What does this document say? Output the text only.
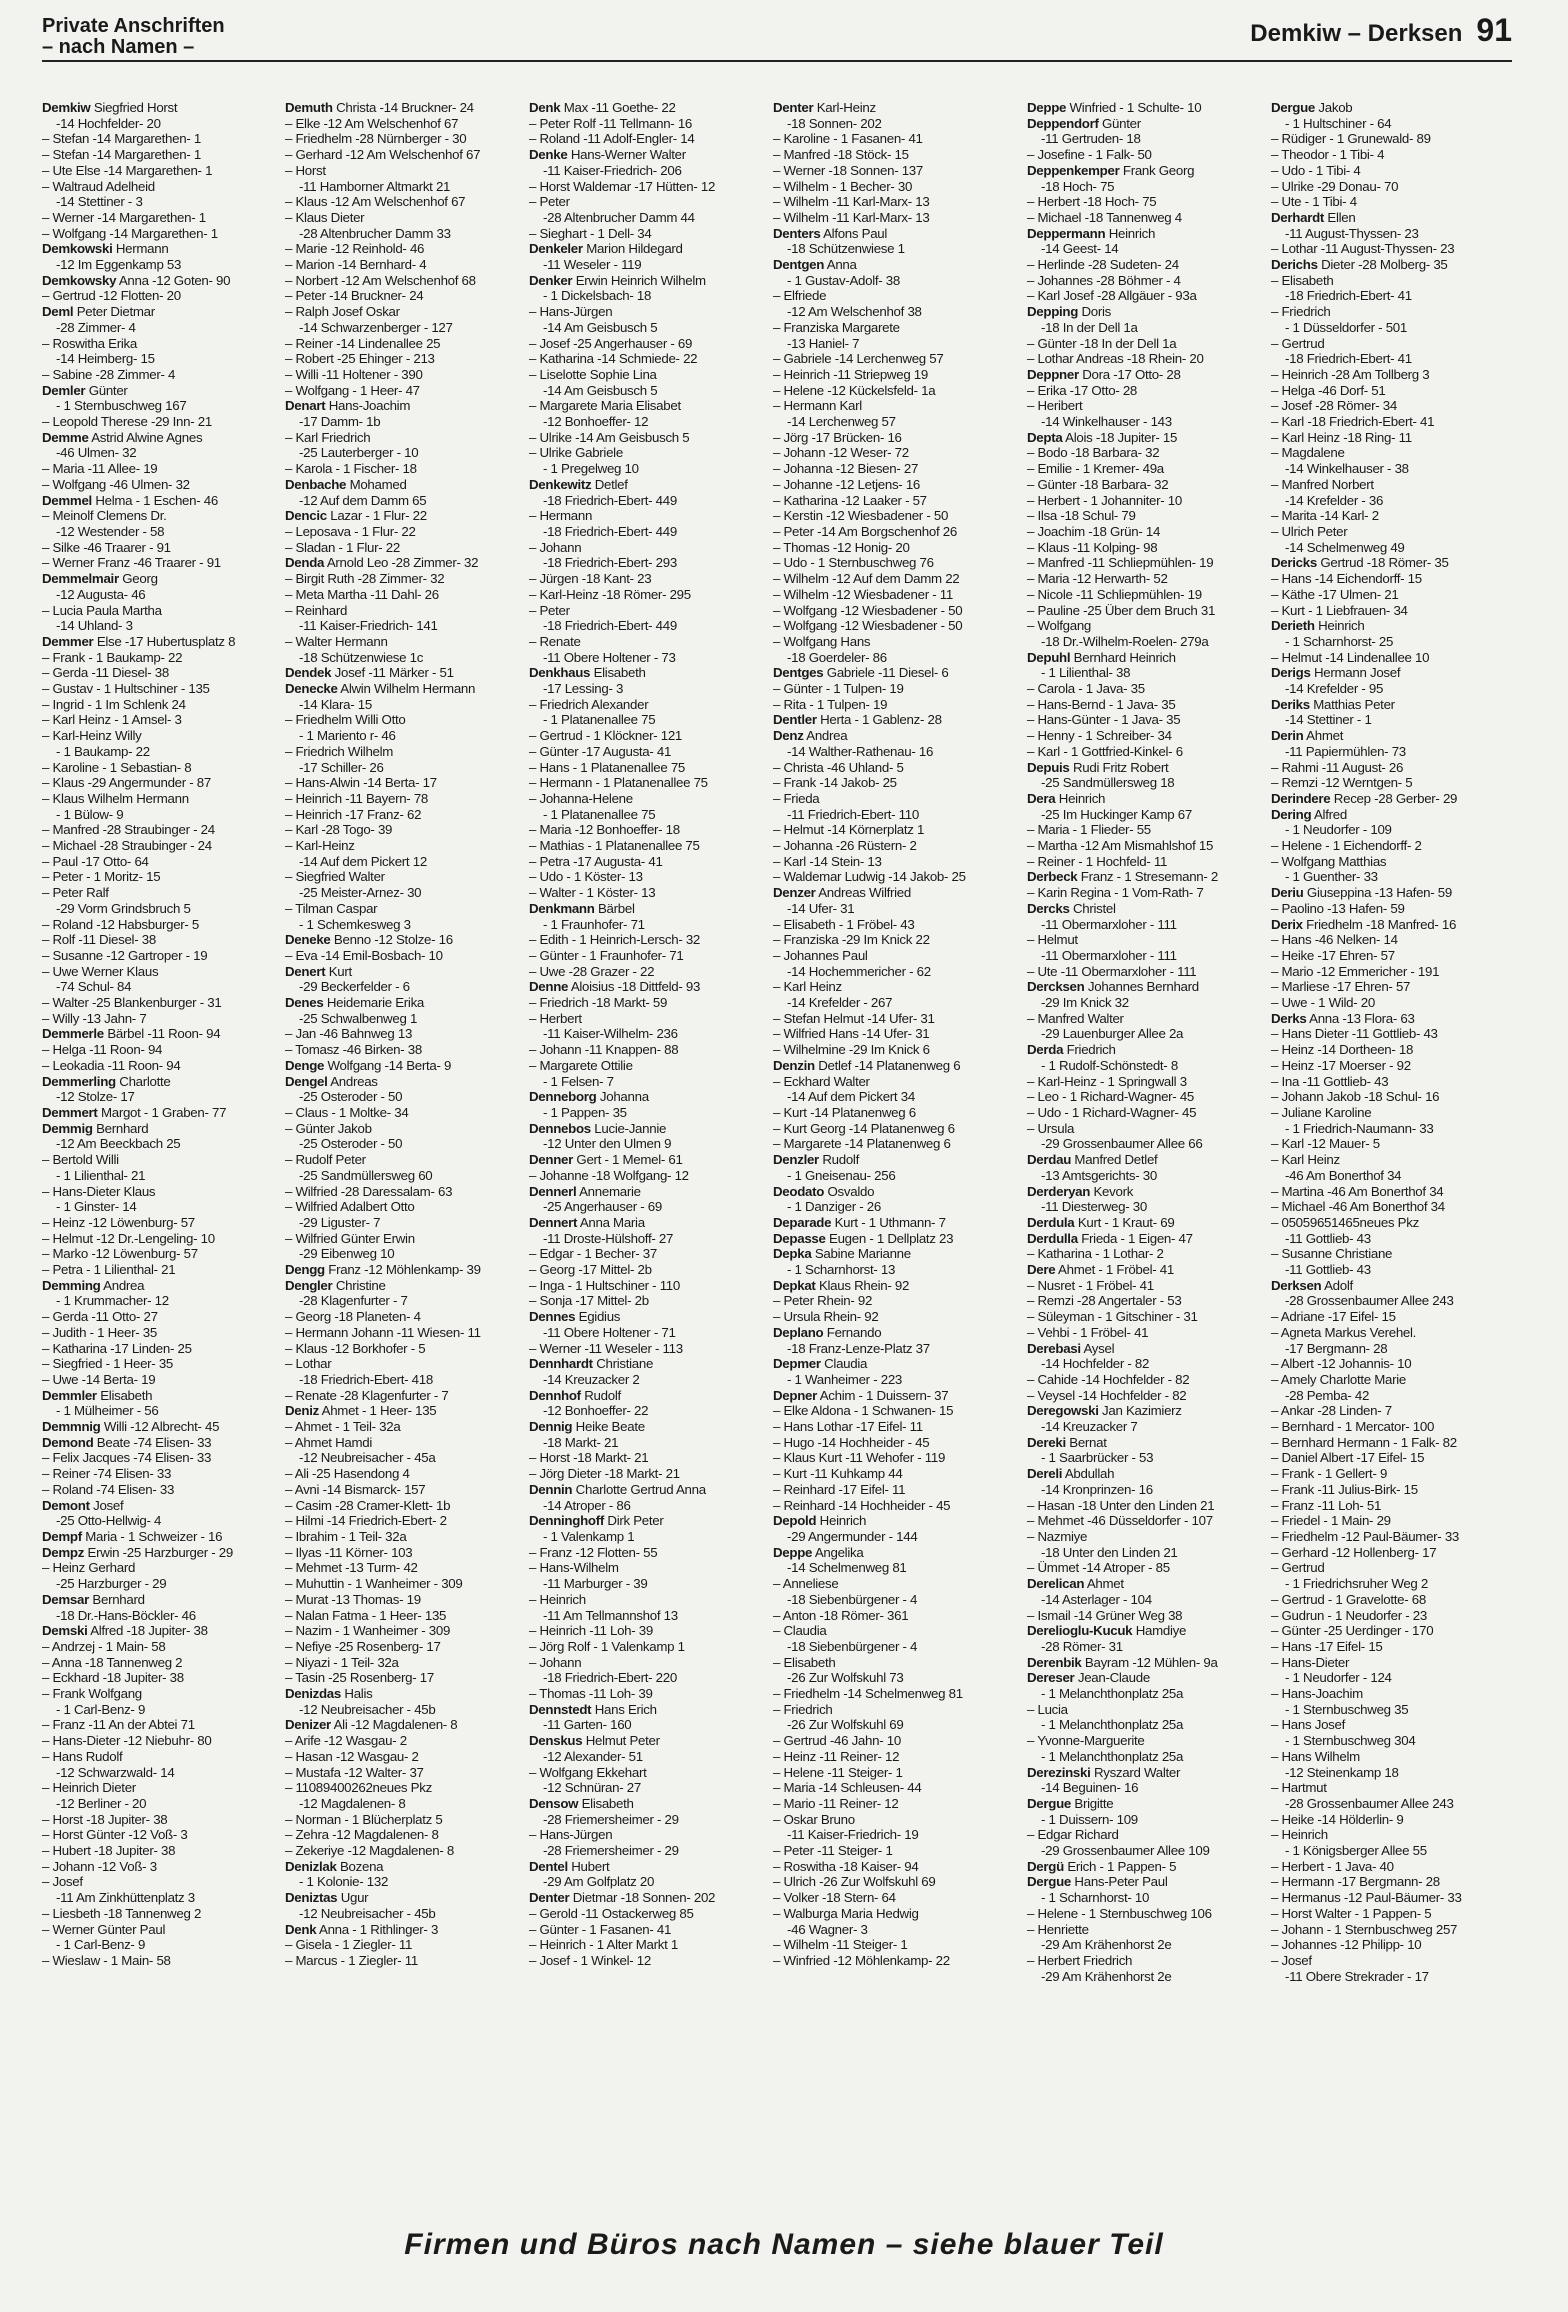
Private Anschriften
– nach Namen –	Demkiw – Derksen 91
Demkiw Siegfried Horst
-14 Hochfelder- 20
– Stefan -14 Margarethen- 1
– Stefan -14 Margarethen- 1
– Ute Else -14 Margarethen- 1
– Waltraud Adelheid
-14 Stettiner - 3
– Werner -14 Margarethen- 1
– Wolfgang -14 Margarethen- 1
Demkowski Hermann
-12 Im Eggenkamp 53
Demkowsky Anna -12 Goten- 90
– Gertrud -12 Flotten- 20
Deml Peter Dietmar
-28 Zimmer- 4
– Roswitha Erika
-14 Heimberg- 15
– Sabine -28 Zimmer- 4
Demler Günter
- 1 Sternbuschweg 167
– Leopold Therese -29 Inn- 21
Demme Astrid Alwine Agnes
-46 Ulmen- 32
– Maria -11 Allee- 19
– Wolfgang -46 Ulmen- 32
Demmel Helma - 1 Eschen- 46
– Meinolf Clemens Dr.
-12 Westender - 58
– Silke -46 Traarer - 91
– Werner Franz -46 Traarer - 91
Demmelmair Georg
-12 Augusta- 46
– Lucia Paula Martha
-14 Uhland- 3
Demmer Else -17 Hubertusplatz 8
– Frank - 1 Baukamp- 22
– Gerda -11 Diesel- 38
– Gustav - 1 Hultschiner - 135
– Ingrid - 1 Im Schlenk 24
– Karl Heinz - 1 Amsel- 3
– Karl-Heinz Willy
- 1 Baukamp- 22
– Karoline - 1 Sebastian- 8
– Klaus -29 Angermunder - 87
– Klaus Wilhelm Hermann
- 1 Bülow- 9
– Manfred -28 Straubinger - 24
– Michael -28 Straubinger - 24
– Paul -17 Otto- 64
– Peter - 1 Moritz- 15
– Peter Ralf
-29 Vorm Grindsbruch 5
– Roland -12 Habsburger- 5
– Rolf -11 Diesel- 38
– Susanne -12 Gartroper - 19
– Uwe Werner Klaus
-74 Schul- 84
– Walter -25 Blankenburger - 31
– Willy -13 Jahn- 7
Demmerle Bärbel -11 Roon- 94
– Helga -11 Roon- 94
– Leokadia -11 Roon- 94
Demmerling Charlotte
-12 Stolze- 17
Demmert Margot - 1 Graben- 77
Demmig Bernhard
-12 Am Beeckbach 25
– Bertold Willi
- 1 Lilienthal- 21
– Hans-Dieter Klaus
- 1 Ginster- 14
– Heinz -12 Löwenburg- 57
– Helmut -12 Dr.-Lengeling- 10
– Marko -12 Löwenburg- 57
– Petra - 1 Lilienthal- 21
Demming Andrea
- 1 Krummacher- 12
– Gerda -11 Otto- 27
– Judith - 1 Heer- 35
– Katharina -17 Linden- 25
– Siegfried - 1 Heer- 35
– Uwe -14 Berta- 19
Demmler Elisabeth
- 1 Mülheimer - 56
Demmnig Willi -12 Albrecht- 45
Demond Beate -74 Elisen- 33
– Felix Jacques -74 Elisen- 33
– Reiner -74 Elisen- 33
– Roland -74 Elisen- 33
Demont Josef
-25 Otto-Hellwig- 4
Dempf Maria - 1 Schweizer - 16
Dempz Erwin -25 Harzburger - 29
– Heinz Gerhard
-25 Harzburger - 29
Demsar Bernhard
-18 Dr.-Hans-Böckler- 46
Demski Alfred -18 Jupiter- 38
– Andrzej - 1 Main- 58
– Anna -18 Tannenweg 2
– Eckhard -18 Jupiter- 38
– Frank Wolfgang
- 1 Carl-Benz- 9
– Franz -11 An der Abtei 71
– Hans-Dieter -12 Niebuhr- 80
– Hans Rudolf
-12 Schwarzwald- 14
– Heinrich Dieter
-12 Berliner - 20
– Horst -18 Jupiter- 38
– Horst Günter -12 Voß- 3
– Hubert -18 Jupiter- 38
– Johann -12 Voß- 3
– Josef
-11 Am Zinkhüttenplatz 3
– Liesbeth -18 Tannenweg 2
– Werner Günter Paul
- 1 Carl-Benz- 9
– Wieslaw - 1 Main- 58
Demuth Christa -14 Bruckner- 24
– Elke -12 Am Welschenhof 67
– Friedhelm -28 Nürnberger - 30
– Gerhard -12 Am Welschenhof 67
– Horst
-11 Hamborner Altmarkt 21
– Klaus -12 Am Welschenhof 67
– Klaus Dieter
-28 Altenbrucher Damm 33
– Marie -12 Reinhold- 46
– Marion -14 Bernhard- 4
– Norbert -12 Am Welschenhof 68
– Peter -14 Bruckner- 24
– Ralph Josef Oskar
-14 Schwarzenberger - 127
– Reiner -14 Lindenallee 25
– Robert -25 Ehinger - 213
– Willi -11 Holtener - 390
– Wolfgang - 1 Heer- 47
Denart Hans-Joachim
-17 Damm- 1b
– Karl Friedrich
-25 Lauterberger - 10
– Karola - 1 Fischer- 18
Denbache Mohamed
-12 Auf dem Damm 65
Dencic Lazar - 1 Flur- 22
– Leposava - 1 Flur- 22
– Sladan - 1 Flur- 22
Denda Arnold Leo -28 Zimmer- 32
– Birgit Ruth -28 Zimmer- 32
– Meta Martha -11 Dahl- 26
– Reinhard
-11 Kaiser-Friedrich- 141
– Walter Hermann
-18 Schützenwiese 1c
Dendek Josef -11 Märker - 51
Denecke Alwin Wilhelm Hermann
-14 Klara- 15
– Friedhelm Willi Otto
- 1 Mariento r- 46
– Friedrich Wilhelm
-17 Schiller- 26
– Hans-Alwin -14 Berta- 17
– Heinrich -11 Bayern- 78
– Heinrich -17 Franz- 62
– Karl -28 Togo- 39
– Karl-Heinz
-14 Auf dem Pickert 12
– Siegfried Walter
-25 Meister-Arnez- 30
– Tilman Caspar
- 1 Schemkesweg 3
Deneke Benno -12 Stolze- 16
– Eva -14 Emil-Bosbach- 10
Denert Kurt
-29 Beckerfelder - 6
Denes Heidemarie Erika
-25 Schwalbenweg 1
– Jan -46 Bahnweg 13
– Tomasz -46 Birken- 38
Denge Wolfgang -14 Berta- 9
Dengel Andreas
-25 Osteroder - 50
– Claus - 1 Moltke- 34
– Günter Jakob
-25 Osteroder - 50
– Rudolf Peter
-25 Sandmüllersweg 60
– Wilfried -28 Daressalam- 63
– Wilfried Adalbert Otto
-29 Liguster- 7
– Wilfried Günter Erwin
-29 Eibenweg 10
Dengg Franz -12 Möhlenkamp- 39
Dengler Christine
-28 Klagenfurter - 7
– Georg -18 Planeten- 4
– Hermann Johann -11 Wiesen- 11
– Klaus -12 Borkhofer - 5
– Lothar
-18 Friedrich-Ebert- 418
– Renate -28 Klagenfurter - 7
Deniz Ahmet - 1 Heer- 135
– Ahmet - 1 Teil- 32a
– Ahmet Hamdi
-12 Neubreisacher - 45a
– Ali -25 Hasendong 4
– Avni -14 Bismarck- 157
– Casim -28 Cramer-Klett- 1b
– Hilmi -14 Friedrich-Ebert- 2
– Ibrahim - 1 Teil- 32a
– Ilyas -11 Körner- 103
– Mehmet -13 Turm- 42
– Muhuttin - 1 Wanheimer - 309
– Murat -13 Thomas- 19
– Nalan Fatma - 1 Heer- 135
– Nazim - 1 Wanheimer - 309
– Nefiye -25 Rosenberg- 17
– Niyazi - 1 Teil- 32a
– Tasin -25 Rosenberg- 17
Denizdas Halis
-12 Neubreisacher - 45b
Denizer Ali -12 Magdalenen- 8
– Arife -12 Wasgau- 2
– Hasan -12 Wasgau- 2
– Mustafa -12 Walter- 37
– 11089400262neues Pkz
-12 Magdalenen- 8
– Norman - 1 Blücherplatz 5
– Zehra -12 Magdalenen- 8
– Zekeriye -12 Magdalenen- 8
Denizlak Bozena
- 1 Kolonie- 132
Deniztas Ugur
-12 Neubreisacher - 45b
Denk Anna - 1 Rithlinger- 3
– Gisela - 1 Ziegler- 11
– Marcus - 1 Ziegler- 11
Denk Max -11 Goethe- 22
– Peter Rolf -11 Tellmann- 16
– Roland -11 Adolf-Engler- 14
Denke Hans-Werner Walter
-11 Kaiser-Friedrich- 206
– Horst Waldemar -17 Hütten- 12
– Peter
-28 Altenbrucher Damm 44
– Sieghart - 1 Dell- 34
Denkeler Marion Hildegard
-11 Weseler - 119
Denker Erwin Heinrich Wilhelm
- 1 Dickelsbach- 18
– Hans-Jürgen
-14 Am Geisbusch 5
– Josef -25 Angerhauser - 69
– Katharina -14 Schmiede- 22
– Liselotte Sophie Lina
-14 Am Geisbusch 5
– Margarete Maria Elisabet
-12 Bonhoeffer- 12
– Ulrike -14 Am Geisbusch 5
– Ulrike Gabriele
- 1 Pregelweg 10
Denkewitz Detlef
-18 Friedrich-Ebert- 449
– Hermann
-18 Friedrich-Ebert- 449
– Johann
-18 Friedrich-Ebert- 293
– Jürgen -18 Kant- 23
– Karl-Heinz -18 Römer- 295
– Peter
-18 Friedrich-Ebert- 449
– Renate
-11 Obere Holtener - 73
Denkhaus Elisabeth
-17 Lessing- 3
– Friedrich Alexander
- 1 Platanenallee 75
– Gertrud - 1 Klöckner- 121
– Günter -17 Augusta- 41
– Hans - 1 Platanenallee 75
– Hermann - 1 Platanenallee 75
– Johanna-Helene
- 1 Platanenallee 75
– Maria -12 Bonhoeffer- 18
– Mathias - 1 Platanenallee 75
– Petra -17 Augusta- 41
– Udo - 1 Köster- 13
– Walter - 1 Köster- 13
Denkmann Bärbel
- 1 Fraunhofer- 71
– Edith - 1 Heinrich-Lersch- 32
– Günter - 1 Fraunhofer- 71
– Uwe -28 Grazer - 22
Denne Aloisius -18 Dittfeld- 93
– Friedrich -18 Markt- 59
– Herbert
-11 Kaiser-Wilhelm- 236
– Johann -11 Knappen- 88
– Margarete Ottilie
- 1 Felsen- 7
Denneborg Johanna
- 1 Pappen- 35
Dennebos Lucie-Jannie
-12 Unter den Ulmen 9
Denner Gert - 1 Memel- 61
– Johanne -18 Wolfgang- 12
Dennerl Annemarie
-25 Angerhauser - 69
Dennert Anna Maria
-11 Droste-Hülshoff- 27
– Edgar - 1 Becher- 37
– Georg -17 Mittel- 2b
– Inga - 1 Hultschiner - 110
– Sonja -17 Mittel- 2b
Dennes Egidius
-11 Obere Holtener - 71
– Werner -11 Weseler - 113
Dennhardt Christiane
-14 Kreuzacker 2
Dennhof Rudolf
-12 Bonhoeffer- 22
Dennig Heike Beate
-18 Markt- 21
– Horst -18 Markt- 21
– Jörg Dieter -18 Markt- 21
Dennin Charlotte Gertrud Anna
-14 Atroper - 86
Denninghoff Dirk Peter
- 1 Valenkamp 1
– Franz -12 Flotten- 55
– Hans-Wilhelm
-11 Marburger - 39
– Heinrich
-11 Am Tellmannshof 13
– Heinrich -11 Loh- 39
– Jörg Rolf - 1 Valenkamp 1
– Johann
-18 Friedrich-Ebert- 220
– Thomas -11 Loh- 39
Dennstedt Hans Erich
-11 Garten- 160
Denskus Helmut Peter
-12 Alexander- 51
– Wolfgang Ekkehart
-12 Schnüran- 27
Densow Elisabeth
-28 Friemersheimer - 29
– Hans-Jürgen
-28 Friemersheimer - 29
Dentel Hubert
-29 Am Golfplatz 20
Denter Dietmar -18 Sonnen- 202
– Gerold -11 Ostackerweg 85
– Günter - 1 Fasanen- 41
– Heinrich - 1 Alter Markt 1
– Josef - 1 Winkel- 12
Denter Karl-Heinz
-18 Sonnen- 202
– Karoline - 1 Fasanen- 41
– Manfred -18 Stöck- 15
– Werner -18 Sonnen- 137
– Wilhelm - 1 Becher- 30
– Wilhelm -11 Karl-Marx- 13
– Wilhelm -11 Karl-Marx- 13
Denters Alfons Paul
-18 Schützenwiese 1
Dentgen Anna
- 1 Gustav-Adolf- 38
– Elfriede
-12 Am Welschenhof 38
– Franziska Margarete
-13 Haniel- 7
– Gabriele -14 Lerchenweg 57
– Heinrich -11 Striepweg 19
– Helene -12 Kückelsfeld- 1a
– Hermann Karl
-14 Lerchenweg 57
– Jörg -17 Brücken- 16
– Johann -12 Weser- 72
– Johanna -12 Biesen- 27
– Johanne -12 Letjens- 16
– Katharina -12 Laaker - 57
– Kerstin -12 Wiesbadener - 50
– Peter -14 Am Borgschenhof 26
– Thomas -12 Honig- 20
– Udo - 1 Sternbuschweg 76
– Wilhelm -12 Auf dem Damm 22
– Wilhelm -12 Wiesbadener - 11
– Wolfgang -12 Wiesbadener - 50
– Wolfgang -12 Wiesbadener - 50
– Wolfgang Hans
-18 Goerdeler- 86
Dentges Gabriele -11 Diesel- 6
– Günter - 1 Tulpen- 19
– Rita - 1 Tulpen- 19
Dentler Herta - 1 Gablenz- 28
Denz Andrea
-14 Walther-Rathenau- 16
– Christa -46 Uhland- 5
– Frank -14 Jakob- 25
– Frieda
-11 Friedrich-Ebert- 110
– Helmut -14 Körnerplatz 1
– Johanna -26 Rüstern- 2
– Karl -14 Stein- 13
– Waldemar Ludwig -14 Jakob- 25
Denzer Andreas Wilfried
-14 Ufer- 31
– Elisabeth - 1 Fröbel- 43
– Franziska -29 Im Knick 22
– Johannes Paul
-14 Hochemmericher - 62
– Karl Heinz
-14 Krefelder - 267
– Stefan Helmut -14 Ufer- 31
– Wilfried Hans -14 Ufer- 31
– Wilhelmine -29 Im Knick 6
Denzin Detlef -14 Platanenweg 6
– Eckhard Walter
-14 Auf dem Pickert 34
– Kurt -14 Platanenweg 6
– Kurt Georg -14 Platanenweg 6
– Margarete -14 Platanenweg 6
Denzler Rudolf
- 1 Gneisenau- 256
Deodato Osvaldo
- 1 Danziger - 26
Deparade Kurt - 1 Uthmann- 7
Depasse Eugen - 1 Dellplatz 23
Depka Sabine Marianne
- 1 Scharnhorst- 13
Depkat Klaus Rhein- 92
– Peter Rhein- 92
– Ursula Rhein- 92
Deplano Fernando
-18 Franz-Lenze-Platz 37
Depmer Claudia
- 1 Wanheimer - 223
Depner Achim - 1 Duissern- 37
– Elke Aldona - 1 Schwanen- 15
– Hans Lothar -17 Eifel- 11
– Hugo -14 Hochheider - 45
– Klaus Kurt -11 Wehofer - 119
– Kurt -11 Kuhkamp 44
– Reinhard -17 Eifel- 11
– Reinhard -14 Hochheider - 45
Depold Heinrich
-29 Angermunder - 144
Deppe Angelika
-14 Schelmenweg 81
– Anneliese
-18 Siebenbürgener - 4
– Anton -18 Römer- 361
– Claudia
-18 Siebenbürgener - 4
– Elisabeth
-26 Zur Wolfskuhl 73
– Friedhelm -14 Schelmenweg 81
– Friedrich
-26 Zur Wolfskuhl 69
– Gertrud -46 Jahn- 10
– Heinz -11 Reiner- 12
– Helene -11 Steiger- 1
– Maria -14 Schleusen- 44
– Mario -11 Reiner- 12
– Oskar Bruno
-11 Kaiser-Friedrich- 19
– Peter -11 Steiger- 1
– Roswitha -18 Kaiser- 94
– Ulrich -26 Zur Wolfskuhl 69
– Volker -18 Stern- 64
– Walburga Maria Hedwig
-46 Wagner- 3
– Wilhelm -11 Steiger- 1
– Winfried -12 Möhlenkamp- 22
Deppe Winfried - 1 Schulte- 10
Deppendorf Günter
-11 Gertruden- 18
– Josefine - 1 Falk- 50
Deppenkemper Frank Georg
-18 Hoch- 75
– Herbert -18 Hoch- 75
– Michael -18 Tannenweg 4
Deppermann Heinrich
-14 Geest- 14
– Herlinde -28 Sudeten- 24
– Johannes -28 Böhmer - 4
– Karl Josef -28 Allgäuer - 93a
Depping Doris
-18 In der Dell 1a
– Günter -18 In der Dell 1a
– Lothar Andreas -18 Rhein- 20
Deppner Dora -17 Otto- 28
– Erika -17 Otto- 28
– Heribert
-14 Winkelhauser - 143
Depta Alois -18 Jupiter- 15
– Bodo -18 Barbara- 32
– Emilie - 1 Kremer- 49a
– Günter -18 Barbara- 32
– Herbert - 1 Johanniter- 10
– Ilsa -18 Schul- 79
– Joachim -18 Grün- 14
– Klaus -11 Kolping- 98
– Manfred -11 Schliepmühlen- 19
– Maria -12 Herwarth- 52
– Nicole -11 Schliepmühlen- 19
– Pauline -25 Über dem Bruch 31
– Wolfgang
-18 Dr.-Wilhelm-Roelen- 279a
Depuhl Bernhard Heinrich
- 1 Lilienthal- 38
– Carola - 1 Java- 35
– Hans-Bernd - 1 Java- 35
– Hans-Günter - 1 Java- 35
– Henny - 1 Schreiber- 34
– Karl - 1 Gottfried-Kinkel- 6
Depuis Rudi Fritz Robert
-25 Sandmüllersweg 18
Dera Heinrich
-25 Im Huckinger Kamp 67
– Maria - 1 Flieder- 55
– Martha -12 Am Mismahlshof 15
– Reiner - 1 Hochfeld- 11
Derbeck Franz - 1 Stresemann- 2
– Karin Regina - 1 Vom-Rath- 7
Dercks Christel
-11 Obermarxloher - 111
– Helmut
-11 Obermarxloher - 111
– Ute -11 Obermarxloher - 111
Dercksen Johannes Bernhard
-29 Im Knick 32
– Manfred Walter
-29 Lauenburger Allee 2a
Derda Friedrich
- 1 Rudolf-Schönstedt- 8
– Karl-Heinz - 1 Springwall 3
– Leo - 1 Richard-Wagner- 45
– Udo - 1 Richard-Wagner- 45
– Ursula
-29 Grossenbaumer Allee 66
Derdau Manfred Detlef
-13 Amtsgerichts- 30
Derderyan Kevork
-11 Diesterweg- 30
Derdula Kurt - 1 Kraut- 69
Derdulla Frieda - 1 Eigen- 47
– Katharina - 1 Lothar- 2
Dere Ahmet - 1 Fröbel- 41
– Nusret - 1 Fröbel- 41
– Remzi -28 Angertaler - 53
– Süleyman - 1 Gitschiner - 31
– Vehbi - 1 Fröbel- 41
Derebasi Aysel
-14 Hochfelder - 82
– Cahide -14 Hochfelder - 82
– Veysel -14 Hochfelder - 82
Deregowski Jan Kazimierz
-14 Kreuzacker 7
Dereki Bernat
- 1 Saarbrücker - 53
Dereli Abdullah
-14 Kronprinzen- 16
– Hasan -18 Unter den Linden 21
– Mehmet -46 Düsseldorfer - 107
– Nazmiye
-18 Unter den Linden 21
– Ümmet -14 Atroper - 85
Derelican Ahmet
-14 Asterlager - 104
– Ismail -14 Grüner Weg 38
Derelioglu-Kucuk Hamdiye
-28 Römer- 31
Derenbik Bayram -12 Mühlen- 9a
Dereser Jean-Claude
- 1 Melanchthonplatz 25a
– Lucia
- 1 Melanchthonplatz 25a
– Yvonne-Marguerite
- 1 Melanchthonplatz 25a
Derezinski Ryszard Walter
-14 Beguinen- 16
Dergue Brigitte
- 1 Duissern- 109
– Edgar Richard
-29 Grossenbaumer Allee 109
Dergü Erich - 1 Pappen- 5
Dergue Hans-Peter Paul
- 1 Scharnhorst- 10
– Helene - 1 Sternbuschweg 106
– Henriette
-29 Am Krähenhorst 2e
– Herbert Friedrich
-29 Am Krähenhorst 2e
Dergue Jakob
- 1 Hultschiner - 64
– Rüdiger - 1 Grunewald- 89
– Theodor - 1 Tibi- 4
– Udo - 1 Tibi- 4
– Ulrike -29 Donau- 70
– Ute - 1 Tibi- 4
Derhardt Ellen
-11 August-Thyssen- 23
– Lothar -11 August-Thyssen- 23
Derichs Dieter -28 Molberg- 35
– Elisabeth
-18 Friedrich-Ebert- 41
– Friedrich
- 1 Düsseldorfer - 501
– Gertrud
-18 Friedrich-Ebert- 41
– Heinrich -28 Am Tollberg 3
– Helga -46 Dorf- 51
– Josef -28 Römer- 34
– Karl -18 Friedrich-Ebert- 41
– Karl Heinz -18 Ring- 11
– Magdalene
-14 Winkelhauser - 38
– Manfred Norbert
-14 Krefelder - 36
– Marita -14 Karl- 2
– Ulrich Peter
-14 Schelmenweg 49
Dericks Gertrud -18 Römer- 35
– Hans -14 Eichendorff- 15
– Käthe -17 Ulmen- 21
– Kurt - 1 Liebfrauen- 34
Derieth Heinrich
- 1 Scharnhorst- 25
– Helmut -14 Lindenallee 10
Derigs Hermann Josef
-14 Krefelder - 95
Deriks Matthias Peter
-14 Stettiner - 1
Derin Ahmet
-11 Papiermühlen- 73
– Rahmi -11 August- 26
– Remzi -12 Werntgen- 5
Derindere Recep -28 Gerber- 29
Dering Alfred
- 1 Neudorfer - 109
– Helene - 1 Eichendorff- 2
– Wolfgang Matthias
- 1 Guenther- 33
Deriu Giuseppina -13 Hafen- 59
– Paolino -13 Hafen- 59
Derix Friedhelm -18 Manfred- 16
– Hans -46 Nelken- 14
– Heike -17 Ehren- 57
– Mario -12 Emmericher - 191
– Marliese -17 Ehren- 57
– Uwe - 1 Wild- 20
Derks Anna -13 Flora- 63
– Hans Dieter -11 Gottlieb- 43
– Heinz -14 Dortheen- 18
– Heinz -17 Moerser - 92
– Ina -11 Gottlieb- 43
– Johann Jakob -18 Schul- 16
– Juliane Karoline
- 1 Friedrich-Naumann- 33
– Karl -12 Mauer- 5
– Karl Heinz
-46 Am Bonerthof 34
– Martina -46 Am Bonerthof 34
– Michael -46 Am Bonerthof 34
– 05059651465neues Pkz
-11 Gottlieb- 43
– Susanne Christiane
-11 Gottlieb- 43
Derksen Adolf
-28 Grossenbaumer Allee 243
– Adriane -17 Eifel- 15
– Agneta Markus Verehel.
-17 Bergmann- 28
– Albert -12 Johannis- 10
– Amely Charlotte Marie
-28 Pemba- 42
– Ankar -28 Linden- 7
– Bernhard - 1 Mercator- 100
– Bernhard Hermann - 1 Falk- 82
– Daniel Albert -17 Eifel- 15
– Frank - 1 Gellert- 9
– Frank -11 Julius-Birk- 15
– Franz -11 Loh- 51
– Friedel - 1 Main- 29
– Friedhelm -12 Paul-Bäumer- 33
– Gerhard -12 Hollenberg- 17
– Gertrud
- 1 Friedrichsruher Weg 2
– Gertrud - 1 Gravelotte- 68
– Gudrun - 1 Neudorfer - 23
– Günter -25 Uerdinger - 170
– Hans -17 Eifel- 15
– Hans-Dieter
- 1 Neudorfer - 124
– Hans-Joachim
- 1 Sternbuschweg 35
– Hans Josef
- 1 Sternbuschweg 304
– Hans Wilhelm
-12 Steinenkamp 18
– Hartmut
-28 Grossenbaumer Allee 243
– Heike -14 Hölderlin- 9
– Heinrich
- 1 Königsberger Allee 55
– Herbert - 1 Java- 40
– Hermann -17 Bergmann- 28
– Hermanus -12 Paul-Bäumer- 33
– Horst Walter - 1 Pappen- 5
– Johann - 1 Sternbuschweg 257
– Johannes -12 Philipp- 10
– Josef
-11 Obere Strekrader - 17
Firmen und Büros nach Namen – siehe blauer Teil
